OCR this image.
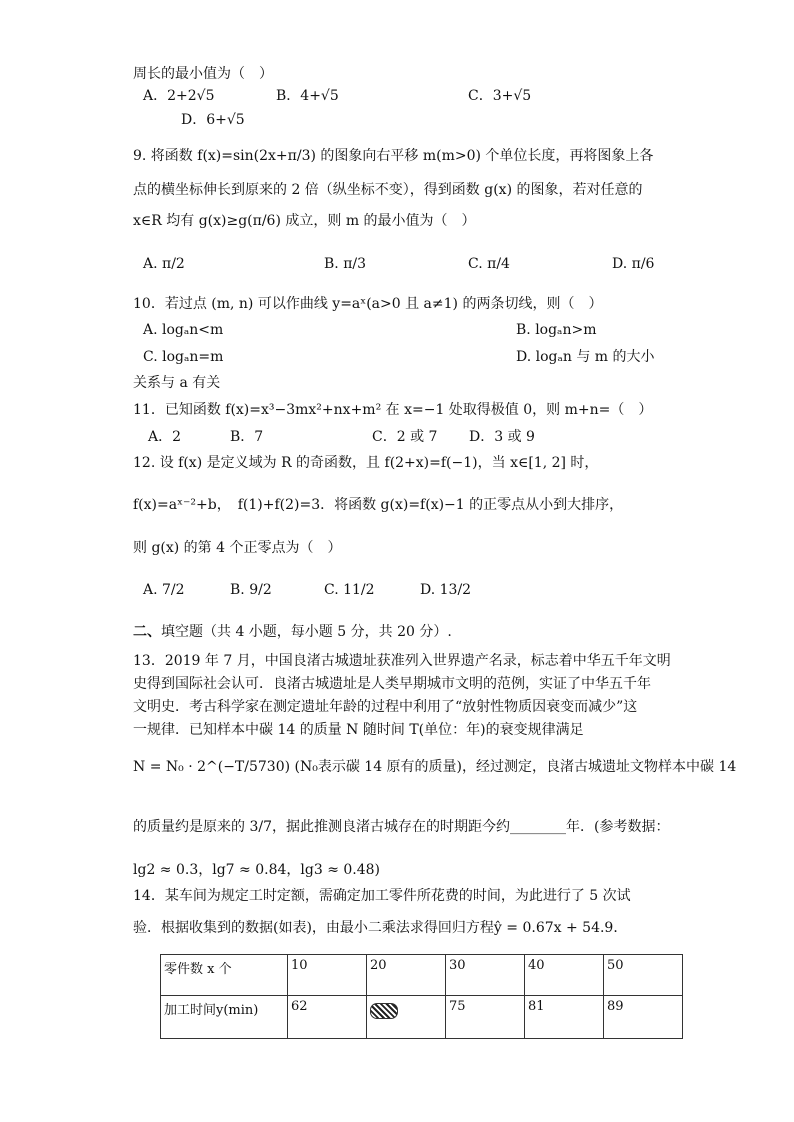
周长的最小值为（　）
A．2+2√5	B．4+√5	C．3+√5
D．6+√5
9. 将函数 f(x)=sin(2x+π/3) 的图象向右平移 m(m>0) 个单位长度，再将图象上各
点的横坐标伸长到原来的 2 倍（纵坐标不变），得到函数 g(x) 的图象，若对任意的
x∈R 均有 g(x)≥g(π/6) 成立，则 m 的最小值为（　）
A. π/2	B. π/3	C. π/4	D. π/6
10．若过点 (m, n) 可以作曲线 y=aˣ(a>0 且 a≠1) 的两条切线，则（　）
A. logₐn<m	B. logₐn>m
C. logₐn=m	D. logₐn 与 m 的大小
关系与 a 有关
11．已知函数 f(x)=x³−3mx²+nx+m² 在 x=−1 处取得极值 0，则 m+n=（　）
A．2	B．7	C．2 或 7 D．3 或 9
12. 设 f(x) 是定义域为 R 的奇函数，且 f(2+x)=f(−1)，当 x∈[1, 2] 时，
f(x)=aˣ⁻²+b，　f(1)+f(2)=3．将函数 g(x)=f(x)−1 的正零点从小到大排序，
则 g(x) 的第 4 个正零点为（　）
A. 7/2	B. 9/2	C. 11/2	D. 13/2
二、填空题（共 4 小题，每小题 5 分，共 20 分）.
13．2019 年 7 月，中国良渚古城遗址获准列入世界遗产名录，标志着中华五千年文明
史得到国际社会认可．良渚古城遗址是人类早期城市文明的范例，实证了中华五千年
文明史．考古科学家在测定遗址年龄的过程中利用了“放射性物质因衰变而减少”这
一规律．已知样本中碳 14 的质量 N 随时间 T(单位：年)的衰变规律满足
N = N₀ · 2^(−T/5730) (N₀表示碳 14 原有的质量)，经过测定，良渚古城遗址文物样本中碳 14
的质量约是原来的 3/7，据此推测良渚古城存在的时期距今约________年．(参考数据：
lg2 ≈ 0.3，lg7 ≈ 0.84，lg3 ≈ 0.48)
14．某车间为规定工时定额，需确定加工零件所花费的时间，为此进行了 5 次试
验．根据收集到的数据(如表)，由最小二乘法求得回归方程ŷ = 0.67x + 54.9．
零件数 x 个	10	20	30	40	50
加工时间y(min)	62		75	81	89
